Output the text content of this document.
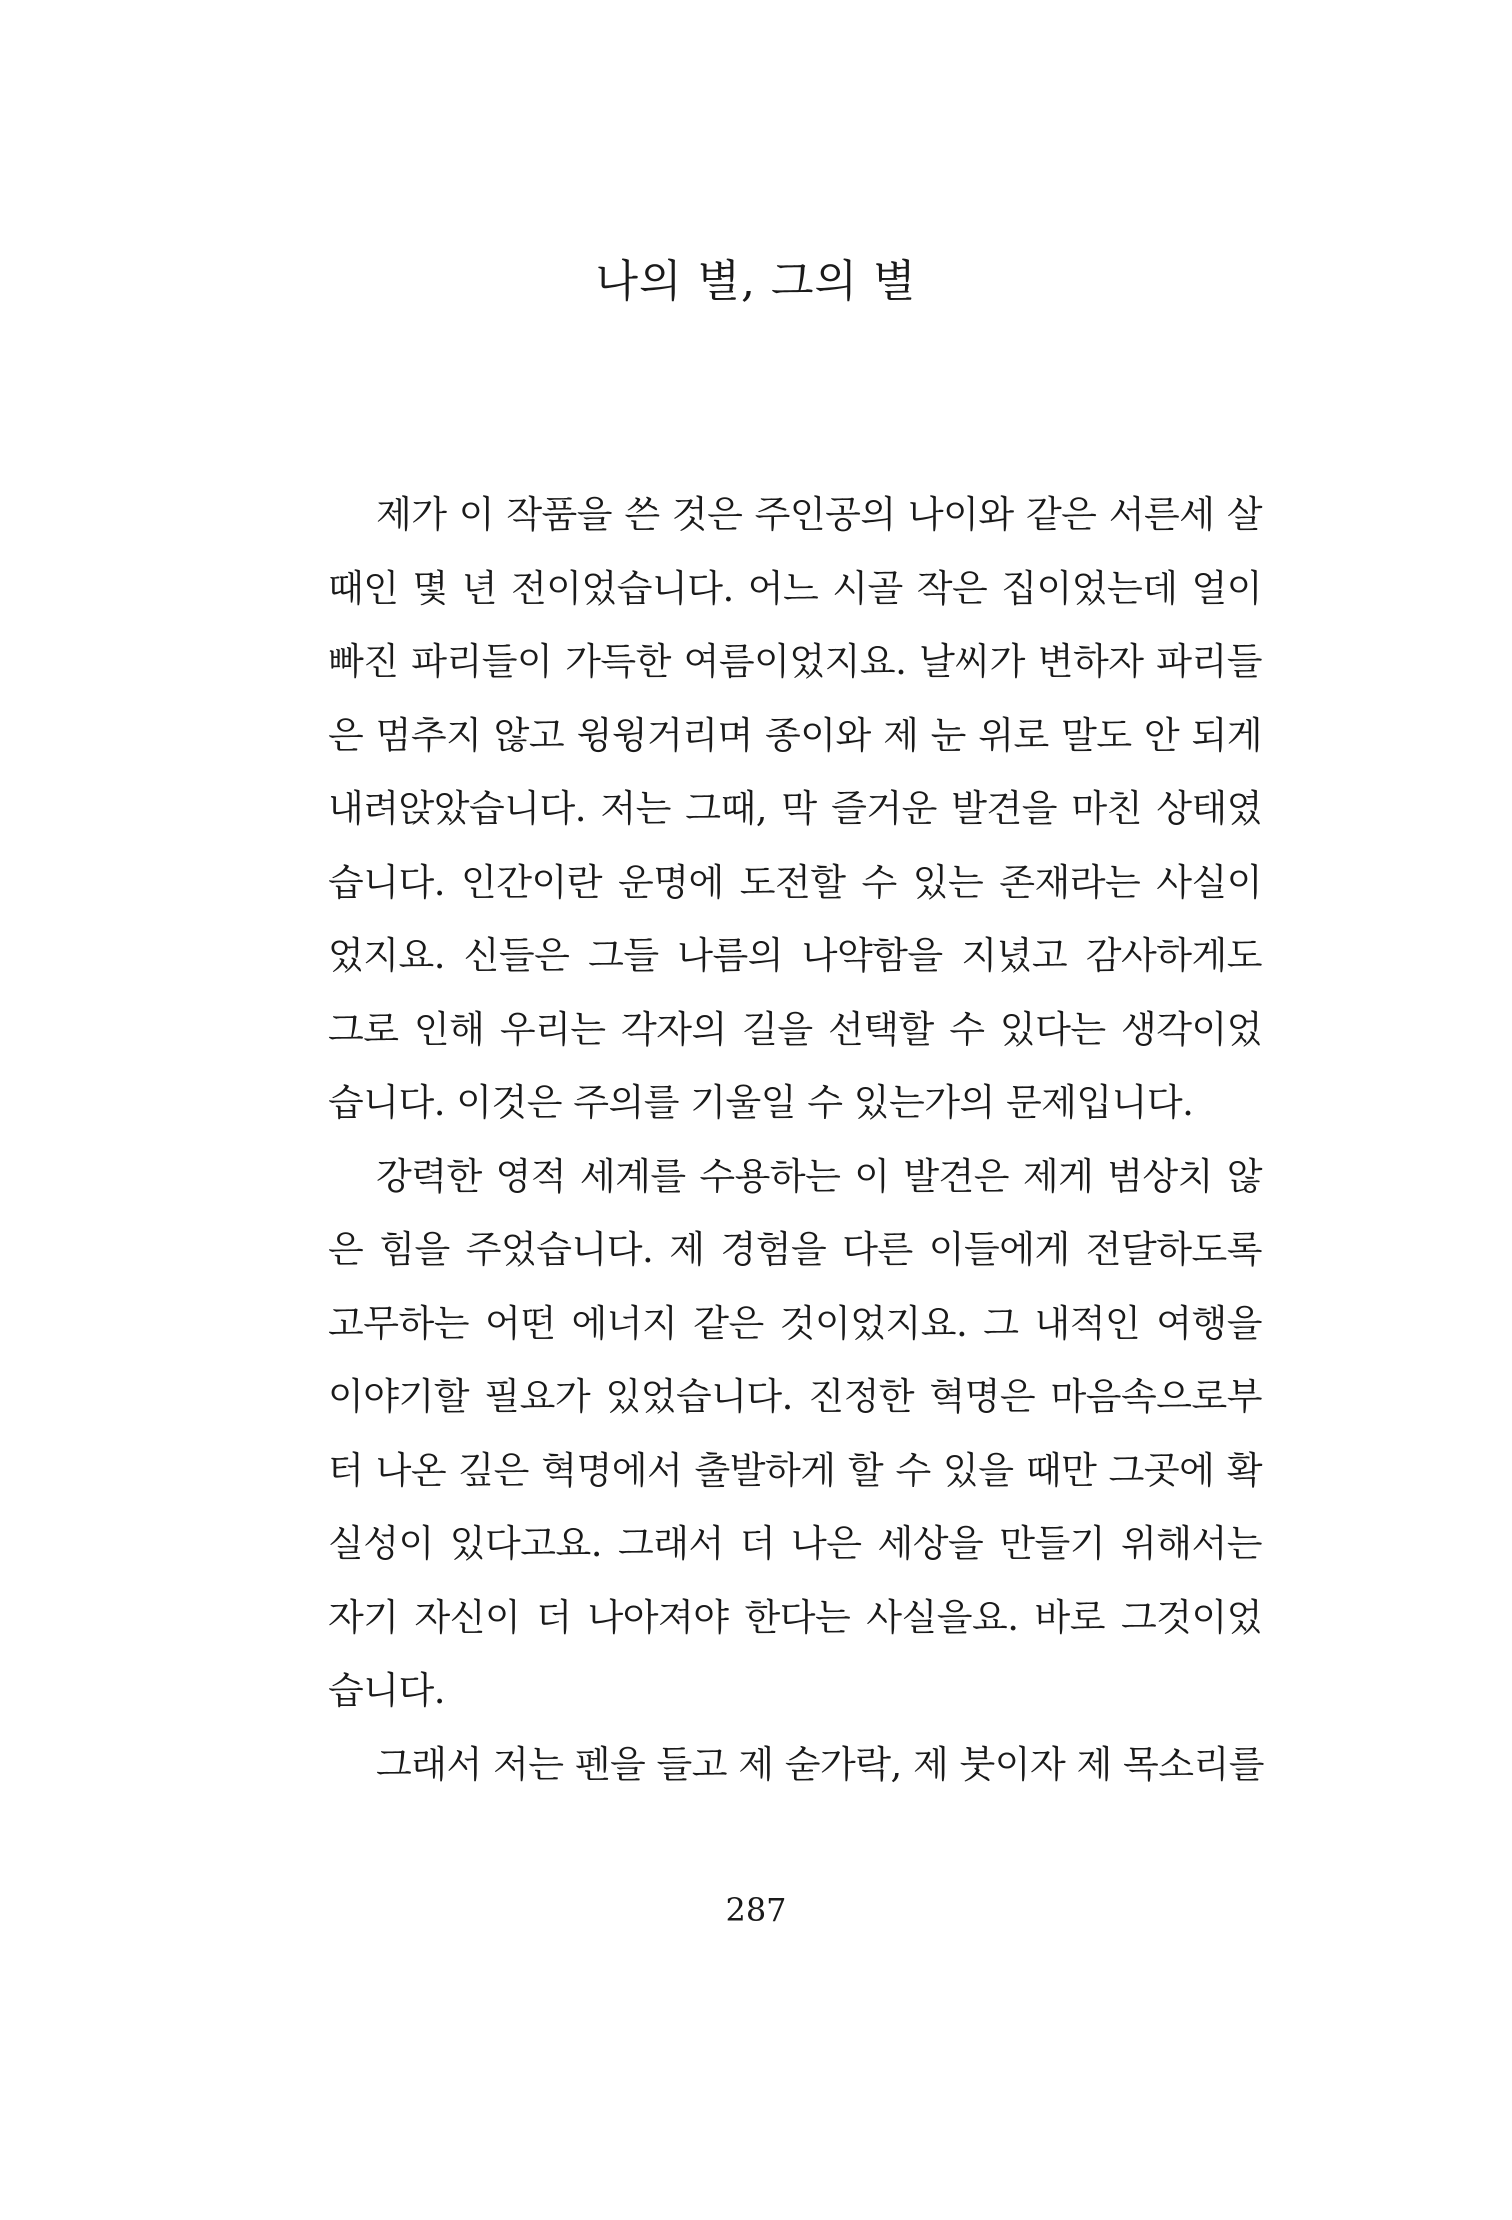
나의 별, 그의 별
제가 이 작품을 쓴 것은 주인공의 나이와 같은 서른세 살
때인 몇 년 전이었습니다. 어느 시골 작은 집이었는데 얼이
빠진 파리들이 가득한 여름이었지요. 날씨가 변하자 파리들
은 멈추지 않고 윙윙거리며 종이와 제 눈 위로 말도 안 되게
내려앉았습니다. 저는 그때, 막 즐거운 발견을 마친 상태였
습니다. 인간이란 운명에 도전할 수 있는 존재라는 사실이
었지요. 신들은 그들 나름의 나약함을 지녔고 감사하게도
그로 인해 우리는 각자의 길을 선택할 수 있다는 생각이었
습니다. 이것은 주의를 기울일 수 있는가의 문제입니다.
강력한 영적 세계를 수용하는 이 발견은 제게 범상치 않
은 힘을 주었습니다. 제 경험을 다른 이들에게 전달하도록
고무하는 어떤 에너지 같은 것이었지요. 그 내적인 여행을
이야기할 필요가 있었습니다. 진정한 혁명은 마음속으로부
터 나온 깊은 혁명에서 출발하게 할 수 있을 때만 그곳에 확
실성이 있다고요. 그래서 더 나은 세상을 만들기 위해서는
자기 자신이 더 나아져야 한다는 사실을요. 바로 그것이었
습니다.
그래서 저는 펜을 들고 제 숟가락, 제 붓이자 제 목소리를
287
